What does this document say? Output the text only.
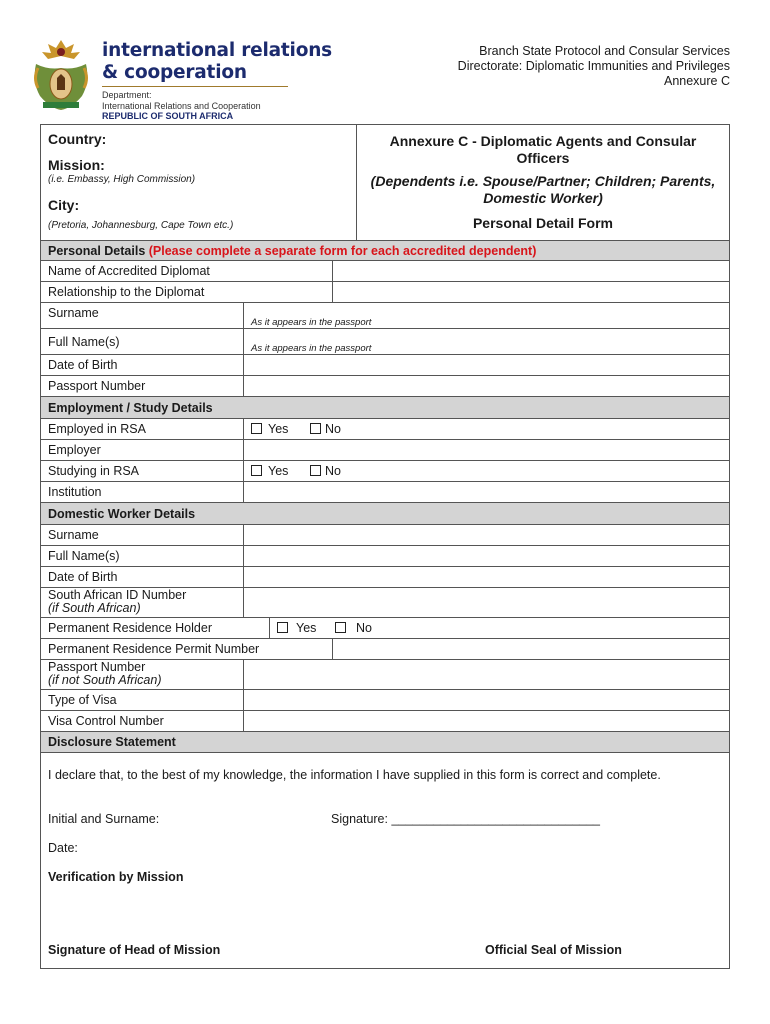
international relations
& cooperation
Department:
International Relations and Cooperation
REPUBLIC OF SOUTH AFRICA
Branch State Protocol and Consular Services
Directorate: Diplomatic Immunities and Privileges
Annexure C
Country:
Mission:
(i.e. Embassy, High Commission)
City:
(Pretoria, Johannesburg, Cape Town etc.)
Annexure C - Diplomatic Agents and Consular Officers
(Dependents i.e. Spouse/Partner; Children; Parents, Domestic Worker)
Personal Detail Form
Personal Details (Please complete a separate form for each accredited dependent)
Name of Accredited Diplomat
Relationship to the Diplomat
Surname
As it appears in the passport
Full Name(s)	As it appears in the passport
Date of Birth
Passport Number
Employment / Study Details
Employed in RSA	Yes	No
Employer
Studying in RSA	Yes	No
Institution
Domestic Worker Details
Surname
Full Name(s)
Date of Birth
South African ID Number
(if South African)
Permanent Residence Holder	Yes	No
Permanent Residence Permit Number
Passport Number
(if not South African)
Type of Visa
Visa Control Number
Disclosure Statement
I declare that, to the best of my knowledge, the information I have supplied in this form is correct and complete.
Initial and Surname:	Signature: ______________________________
Date:
Verification by Mission
Signature of Head of Mission	Official Seal of Mission
